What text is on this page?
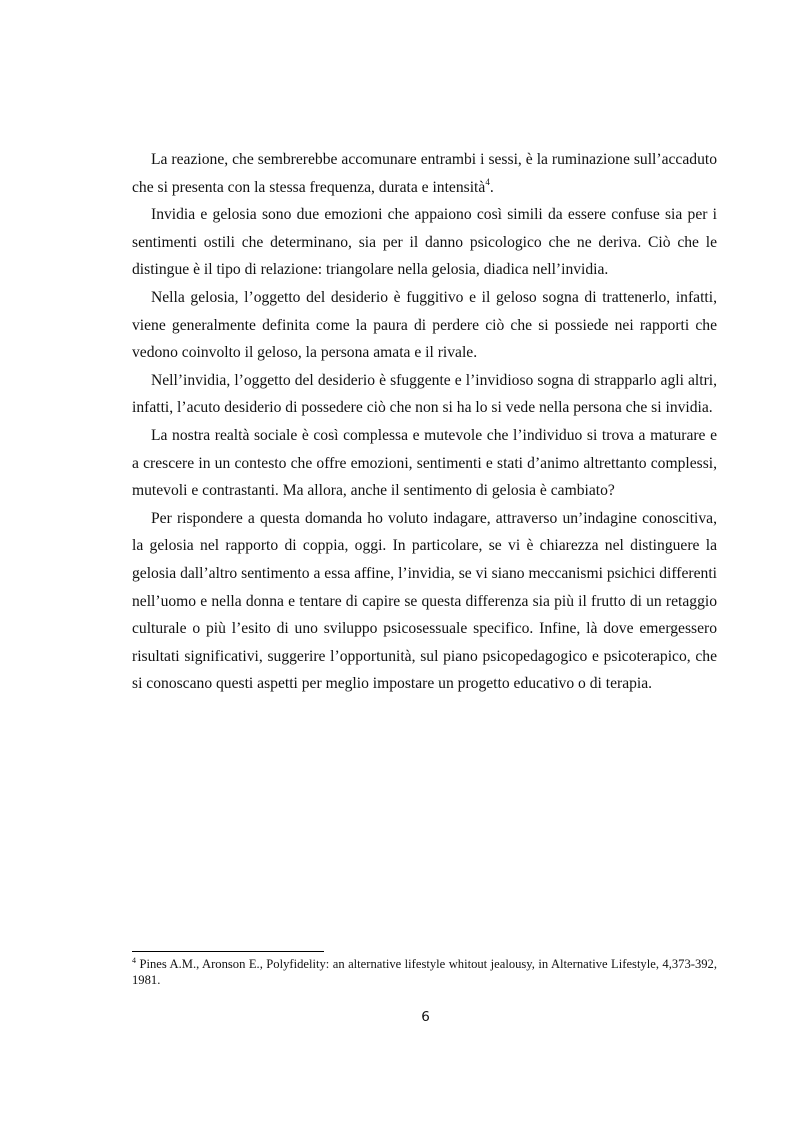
La reazione, che sembrerebbe accomunare entrambi i sessi, è la ruminazione sull’accaduto che si presenta con la stessa frequenza, durata e intensità$^4$.

Invidia e gelosia sono due emozioni che appaiono così simili da essere confuse sia per i sentimenti ostili che determinano, sia per il danno psicologico che ne deriva. Ciò che le distingue è il tipo di relazione: triangolare nella gelosia, diadica nell’invidia.

Nella gelosia, l’oggetto del desiderio è fuggitivo e il geloso sogna di trattenerlo, infatti, viene generalmente definita come la paura di perdere ciò che si possiede nei rapporti che vedono coinvolto il geloso, la persona amata e il rivale.

Nell’invidia, l’oggetto del desiderio è sfuggente e l’invidioso sogna di strapparlo agli altri, infatti, l’acuto desiderio di possedere ciò che non si ha lo si vede nella persona che si invidia.

La nostra realtà sociale è così complessa e mutevole che l’individuo si trova a maturare e a crescere in un contesto che offre emozioni, sentimenti e stati d’animo altrettanto complessi, mutevoli e contrastanti. Ma allora, anche il sentimento di gelosia è cambiato?

Per rispondere a questa domanda ho voluto indagare, attraverso un’indagine conoscitiva, la gelosia nel rapporto di coppia, oggi. In particolare, se vi è chiarezza nel distinguere la gelosia dall’altro sentimento a essa affine, l’invidia, se vi siano meccanismi psichici differenti nell’uomo e nella donna e tentare di capire se questa differenza sia più il frutto di un retaggio culturale o più l’esito di uno sviluppo psicosessuale specifico. Infine, là dove emergessero risultati significativi, suggerire l’opportunità, sul piano psicopedagogico e psicoterapico, che si conoscano questi aspetti per meglio impostare un progetto educativo o di terapia.

$^4$ Pines A.M., Aronson E., Polyfidelity: an alternative lifestyle whitout jealousy, in Alternative Lifestyle, 4,373-392, 1981.
6
